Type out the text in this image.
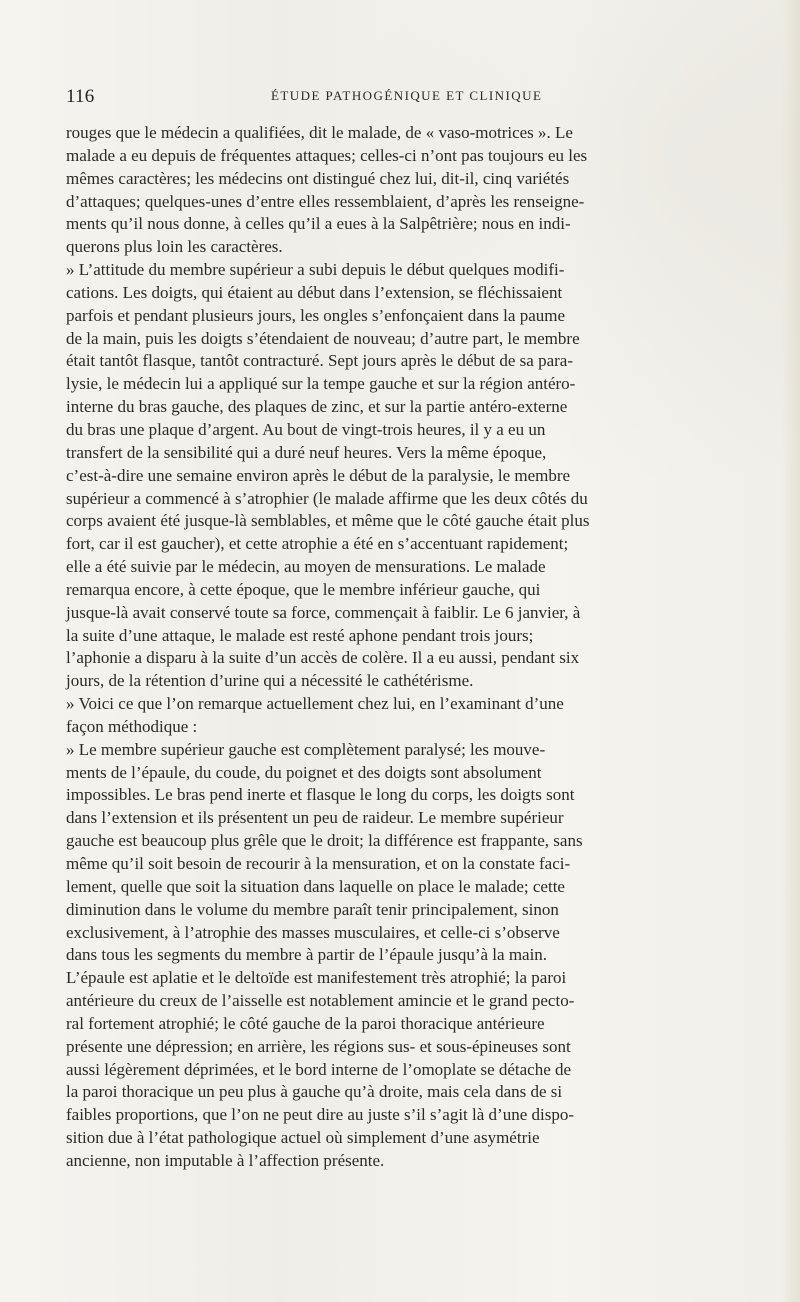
116	ÉTUDE PATHOGÉNIQUE ET CLINIQUE

rouges que le médecin a qualifiées, dit le malade, de « vaso-motrices ». Le
malade a eu depuis de fréquentes attaques; celles-ci n’ont pas toujours eu les
mêmes caractères; les médecins ont distingué chez lui, dit-il, cinq variétés
d’attaques; quelques-unes d’entre elles ressemblaient, d’après les renseigne-
ments qu’il nous donne, à celles qu’il a eues à la Salpêtrière; nous en indi-
querons plus loin les caractères.

» L’attitude du membre supérieur a subi depuis le début quelques modifi-
cations. Les doigts, qui étaient au début dans l’extension, se fléchissaient
parfois et pendant plusieurs jours, les ongles s’enfonçaient dans la paume
de la main, puis les doigts s’étendaient de nouveau; d’autre part, le membre
était tantôt flasque, tantôt contracturé. Sept jours après le début de sa para-
lysie, le médecin lui a appliqué sur la tempe gauche et sur la région antéro-
interne du bras gauche, des plaques de zinc, et sur la partie antéro-externe
du bras une plaque d’argent. Au bout de vingt-trois heures, il y a eu un
transfert de la sensibilité qui a duré neuf heures. Vers la même époque,
c’est-à-dire une semaine environ après le début de la paralysie, le membre
supérieur a commencé à s’atrophier (le malade affirme que les deux côtés du
corps avaient été jusque-là semblables, et même que le côté gauche était plus
fort, car il est gaucher), et cette atrophie a été en s’accentuant rapidement;
elle a été suivie par le médecin, au moyen de mensurations. Le malade
remarqua encore, à cette époque, que le membre inférieur gauche, qui
jusque-là avait conservé toute sa force, commençait à faiblir. Le 6 janvier, à
la suite d’une attaque, le malade est resté aphone pendant trois jours;
l’aphonie a disparu à la suite d’un accès de colère. Il a eu aussi, pendant six
jours, de la rétention d’urine qui a nécessité le cathétérisme.

» Voici ce que l’on remarque actuellement chez lui, en l’examinant d’une
façon méthodique :

» Le membre supérieur gauche est complètement paralysé; les mouve-
ments de l’épaule, du coude, du poignet et des doigts sont absolument
impossibles. Le bras pend inerte et flasque le long du corps, les doigts sont
dans l’extension et ils présentent un peu de raideur. Le membre supérieur
gauche est beaucoup plus grêle que le droit; la différence est frappante, sans
même qu’il soit besoin de recourir à la mensuration, et on la constate faci-
lement, quelle que soit la situation dans laquelle on place le malade; cette
diminution dans le volume du membre paraît tenir principalement, sinon
exclusivement, à l’atrophie des masses musculaires, et celle-ci s’observe
dans tous les segments du membre à partir de l’épaule jusqu’à la main.
L’épaule est aplatie et le deltoïde est manifestement très atrophié; la paroi
antérieure du creux de l’aisselle est notablement amincie et le grand pecto-
ral fortement atrophié; le côté gauche de la paroi thoracique antérieure
présente une dépression; en arrière, les régions sus- et sous-épineuses sont
aussi légèrement déprimées, et le bord interne de l’omoplate se détache de
la paroi thoracique un peu plus à gauche qu’à droite, mais cela dans de si
faibles proportions, que l’on ne peut dire au juste s’il s’agit là d’une dispo-
sition due à l’état pathologique actuel où simplement d’une asymétrie
ancienne, non imputable à l’affection présente.
